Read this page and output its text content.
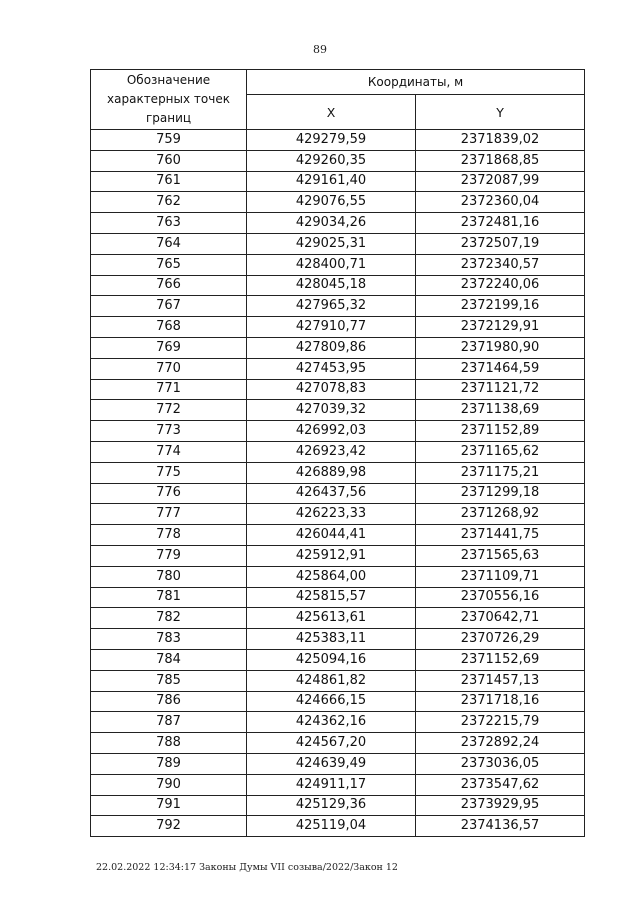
89
Обозначение характерных точек границ	Координаты, м	
	X	Y
759	429279,59	2371839,02
760	429260,35	2371868,85
761	429161,40	2372087,99
762	429076,55	2372360,04
763	429034,26	2372481,16
764	429025,31	2372507,19
765	428400,71	2372340,57
766	428045,18	2372240,06
767	427965,32	2372199,16
768	427910,77	2372129,91
769	427809,86	2371980,90
770	427453,95	2371464,59
771	427078,83	2371121,72
772	427039,32	2371138,69
773	426992,03	2371152,89
774	426923,42	2371165,62
775	426889,98	2371175,21
776	426437,56	2371299,18
777	426223,33	2371268,92
778	426044,41	2371441,75
779	425912,91	2371565,63
780	425864,00	2371109,71
781	425815,57	2370556,16
782	425613,61	2370642,71
783	425383,11	2370726,29
784	425094,16	2371152,69
785	424861,82	2371457,13
786	424666,15	2371718,16
787	424362,16	2372215,79
788	424567,20	2372892,24
789	424639,49	2373036,05
790	424911,17	2373547,62
791	425129,36	2373929,95
792	425119,04	2374136,57
22.02.2022 12:34:17 Законы Думы VII созыва/2022/Закон 12
